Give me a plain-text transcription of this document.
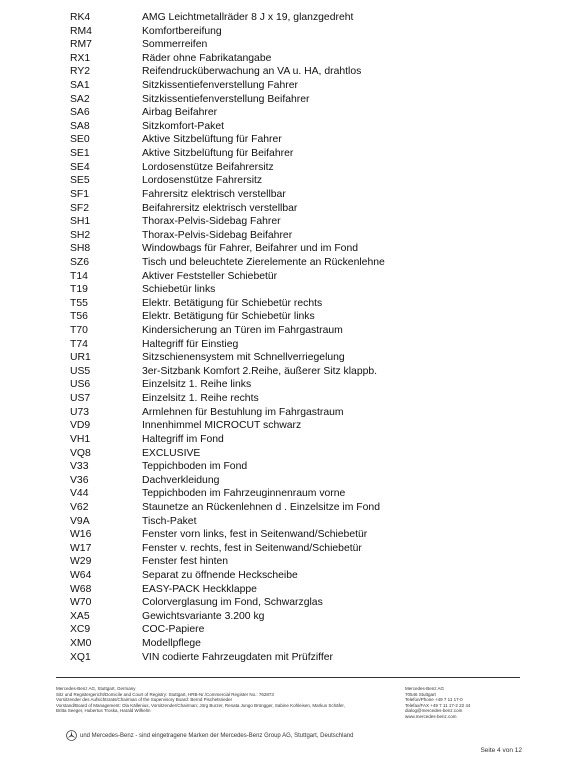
RK4	AMG Leichtmetallräder 8 J x 19, glanzgedreht
RM4	Komfortbereifung
RM7	Sommerreifen
RX1	Räder ohne Fabrikatangabe
RY2	Reifendrucküberwachung an VA u. HA, drahtlos
SA1	Sitzkissentiefenverstellung Fahrer
SA2	Sitzkissentiefenverstellung Beifahrer
SA6	Airbag Beifahrer
SA8	Sitzkomfort-Paket
SE0	Aktive Sitzbelüftung für Fahrer
SE1	Aktive Sitzbelüftung für Beifahrer
SE4	Lordosenstütze Beifahrersitz
SE5	Lordosenstütze Fahrersitz
SF1	Fahrersitz elektrisch verstellbar
SF2	Beifahrersitz elektrisch verstellbar
SH1	Thorax-Pelvis-Sidebag Fahrer
SH2	Thorax-Pelvis-Sidebag Beifahrer
SH8	Windowbags für Fahrer, Beifahrer und im Fond
SZ6	Tisch und beleuchtete Zierelemente an Rückenlehne
T14	Aktiver Feststeller Schiebetür
T19	Schiebetür links
T55	Elektr. Betätigung für Schiebetür rechts
T56	Elektr. Betätigung für Schiebetür links
T70	Kindersicherung an Türen im Fahrgastraum
T74	Haltegriff für Einstieg
UR1	Sitzschienensystem mit Schnellverriegelung
US5	3er-Sitzbank Komfort 2.Reihe, äußerer Sitz klappb.
US6	Einzelsitz 1. Reihe links
US7	Einzelsitz 1. Reihe rechts
U73	Armlehnen für Bestuhlung im Fahrgastraum
VD9	Innenhimmel MICROCUT schwarz
VH1	Haltegriff im Fond
VQ8	EXCLUSIVE
V33	Teppichboden im Fond
V36	Dachverkleidung
V44	Teppichboden im Fahrzeuginnenraum vorne
V62	Staunetze an Rückenlehnen d . Einzelsitze im Fond
V9A	Tisch-Paket
W16	Fenster vorn links, fest in Seitenwand/Schiebetür
W17	Fenster v. rechts, fest in Seitenwand/Schiebetür
W29	Fenster fest hinten
W64	Separat zu öffnende Heckscheibe
W68	EASY-PACK Heckklappe
W70	Colorverglasung im Fond, Schwarzglas
XA5	Gewichtsvariante 3.200 kg
XC9	COC-Papiere
XM0	Modellpflege
XQ1	VIN codierte Fahrzeugdaten mit Prüfziffer
Mercedes-Benz AG, Stuttgart, Germany
Sitz und Registergericht/Domicile and Court of Registry: Stuttgart, HRB-Nr./Commercial Register No.: 762873
Vorsitzender des Aufsichtsrats/Chairman of the Supervisory Board: Bernd Pischetsrieder
Vorstand/Board of Management: Ola Källenius, Vorsitzender/Chairman; Jörg Burzer, Renata Jungo Brüngger, Sabine Kohleisen, Markus Schäfer,
Britta Seeger, Hubertus Troska, Harald Wilhelm
Mercedes-Benz AG
70546 Stuttgart
Telefon/Phone +49 7 11 17-0
Telefax/FAX +49 7 11 17-2 22 44
dialog@mercedes-benz.com
www.mercedes-benz.com
und Mercedes-Benz - sind eingetragene Marken der Mercedes-Benz Group AG, Stuttgart, Deutschland
Seite 4 von 12
